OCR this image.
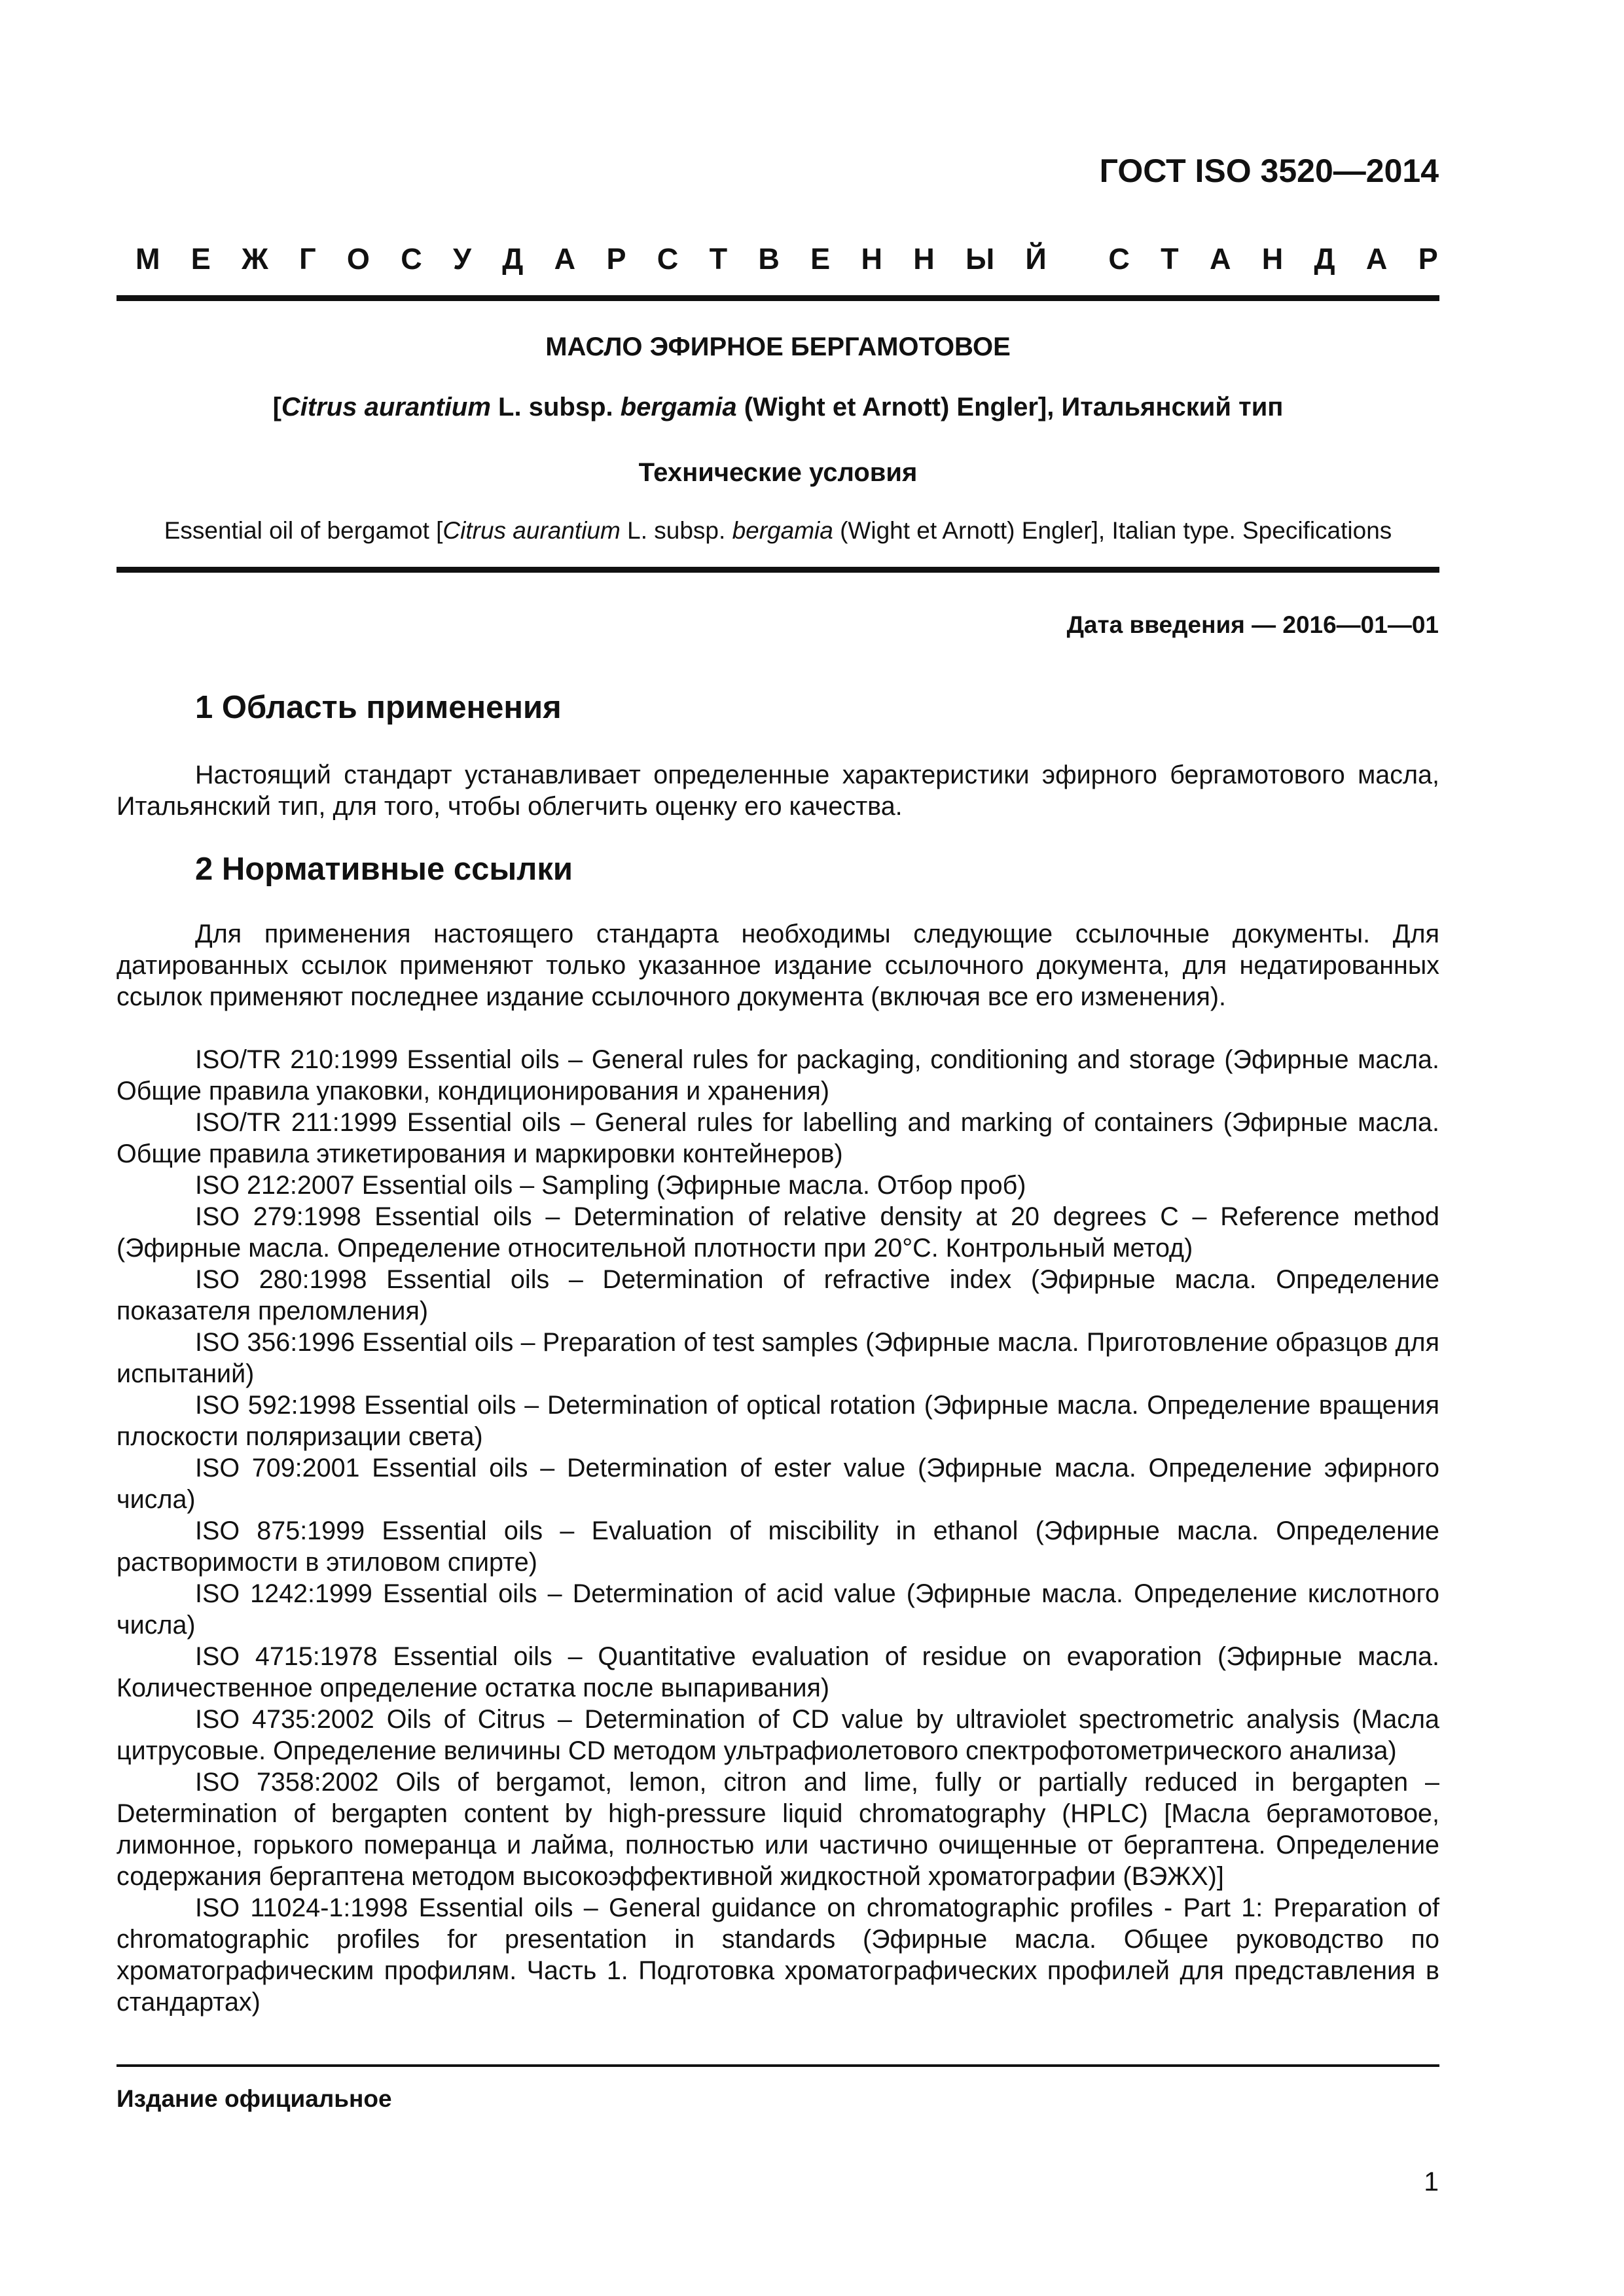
ГОСТ ISO 3520—2014
М Е Ж Г О С У Д А Р С Т В Е Н Н Ы Й С Т А Н Д А Р
МАСЛО ЭФИРНОЕ БЕРГАМОТОВОЕ
[Citrus aurantium L. subsp. bergamia (Wight et Arnott) Engler], Итальянский тип
Технические условия
Essential oil of bergamot [Citrus aurantium L. subsp. bergamia (Wight et Arnott) Engler], Italian type. Specifications
Дата введения — 2016—01—01
1 Область применения

Настоящий стандарт устанавливает определенные характеристики эфирного бергамотового масла, Итальянский тип, для того, чтобы облегчить оценку его качества.

2 Нормативные ссылки

Для применения настоящего стандарта необходимы следующие ссылочные документы. Для датированных ссылок применяют только указанное издание ссылочного документа, для недатированных ссылок применяют последнее издание ссылочного документа (включая все его изменения).

ISO/TR 210:1999 Essential oils – General rules for packaging, conditioning and storage (Эфирные масла. Общие правила упаковки, кондиционирования и хранения)

ISO/TR 211:1999 Essential oils – General rules for labelling and marking of containers (Эфирные масла. Общие правила этикетирования и маркировки контейнеров)

ISO 212:2007 Essential oils – Sampling (Эфирные масла. Отбор проб)

ISO 279:1998 Essential oils – Determination of relative density at 20 degrees C – Reference method (Эфирные масла. Определение относительной плотности при 20°С. Контрольный метод)

ISO 280:1998 Essential oils – Determination of refractive index (Эфирные масла. Определение показателя преломления)

ISO 356:1996 Essential oils – Preparation of test samples (Эфирные масла. Приготовление образцов для испытаний)

ISO 592:1998 Essential oils – Determination of optical rotation (Эфирные масла. Определение вращения плоскости поляризации света)

ISO 709:2001 Essential oils – Determination of ester value (Эфирные масла. Определение эфирного числа)

ISO 875:1999 Essential oils – Evaluation of miscibility in ethanol (Эфирные масла. Определение растворимости в этиловом спирте)

ISO 1242:1999 Essential oils – Determination of acid value (Эфирные масла. Определение кислотного числа)

ISO 4715:1978 Essential oils – Quantitative evaluation of residue on evaporation (Эфирные масла. Количественное определение остатка после выпаривания)

ISO 4735:2002 Oils of Citrus – Determination of CD value by ultraviolet spectrometric analysis (Масла цитрусовые. Определение величины CD методом ультрафиолетового спектрофотометрического анализа)

ISO 7358:2002 Oils of bergamot, lemon, citron and lime, fully or partially reduced in bergapten – Determination of bergapten content by high-pressure liquid chromatography (HPLC) [Масла бергамотовое, лимонное, горького померанца и лайма, полностью или частично очищенные от бергаптена. Определение содержания бергаптена методом высокоэффективной жидкостной хроматографии (ВЭЖХ)]

ISO 11024-1:1998 Essential oils – General guidance on chromatographic profiles - Part 1: Preparation of chromatographic profiles for presentation in standards (Эфирные масла. Общее руководство по хроматографическим профилям. Часть 1. Подготовка хроматографических профилей для представления в стандартах)

Издание официальное
1
